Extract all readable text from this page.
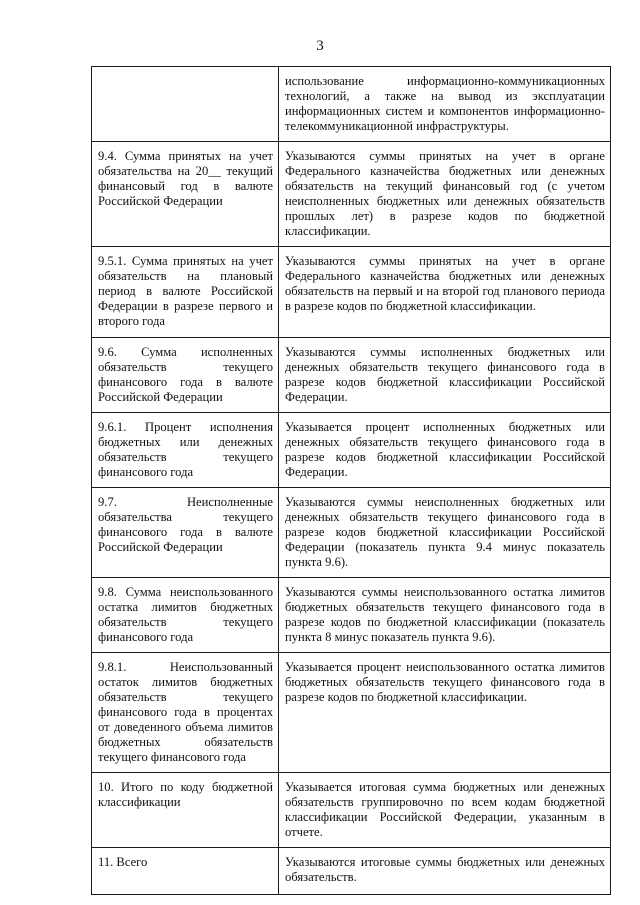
3
	использование информационно-коммуникационных технологий, а также на вывод из эксплуатации информационных систем и компонентов информационно-телекоммуникационной инфраструктуры.
9.4. Сумма принятых на учет обязательства на 20__ текущий финансовый год в валюте Российской Федерации	Указываются суммы принятых на учет в органе Федерального казначейства бюджетных или денежных обязательств на текущий финансовый год (с учетом неисполненных бюджетных или денежных обязательств прошлых лет) в разрезе кодов по бюджетной классификации.
9.5.1. Сумма принятых на учет обязательств на плановый период в валюте Российской Федерации в разрезе первого и второго года	Указываются суммы принятых на учет в органе Федерального казначейства бюджетных или денежных обязательств на первый и на второй год планового периода в разрезе кодов по бюджетной классификации.
9.6. Сумма исполненных обязательств текущего финансового года в валюте Российской Федерации	Указываются суммы исполненных бюджетных или денежных обязательств текущего финансового года в разрезе кодов бюджетной классификации Российской Федерации.
9.6.1. Процент исполнения бюджетных или денежных обязательств текущего финансового года	Указывается процент исполненных бюджетных или денежных обязательств текущего финансового года в разрезе кодов бюджетной классификации Российской Федерации.
9.7. Неисполненные обязательства текущего финансового года в валюте Российской Федерации	Указываются суммы неисполненных бюджетных или денежных обязательств текущего финансового года в разрезе кодов бюджетной классификации Российской Федерации (показатель пункта 9.4 минус показатель пункта 9.6).
9.8. Сумма неиспользованного остатка лимитов бюджетных обязательств текущего финансового года	Указываются суммы неиспользованного остатка лимитов бюджетных обязательств текущего финансового года в разрезе кодов по бюджетной классификации (показатель пункта 8 минус показатель пункта 9.6).
9.8.1. Неиспользованный остаток лимитов бюджетных обязательств текущего финансового года в процентах от доведенного объема лимитов бюджетных обязательств текущего финансового года	Указывается процент неиспользованного остатка лимитов бюджетных обязательств текущего финансового года в разрезе кодов по бюджетной классификации.
10. Итого по коду бюджетной классификации	Указывается итоговая сумма бюджетных или денежных обязательств группировочно по всем кодам бюджетной классификации Российской Федерации, указанным в отчете.
11. Всего	Указываются итоговые суммы бюджетных или денежных обязательств.
